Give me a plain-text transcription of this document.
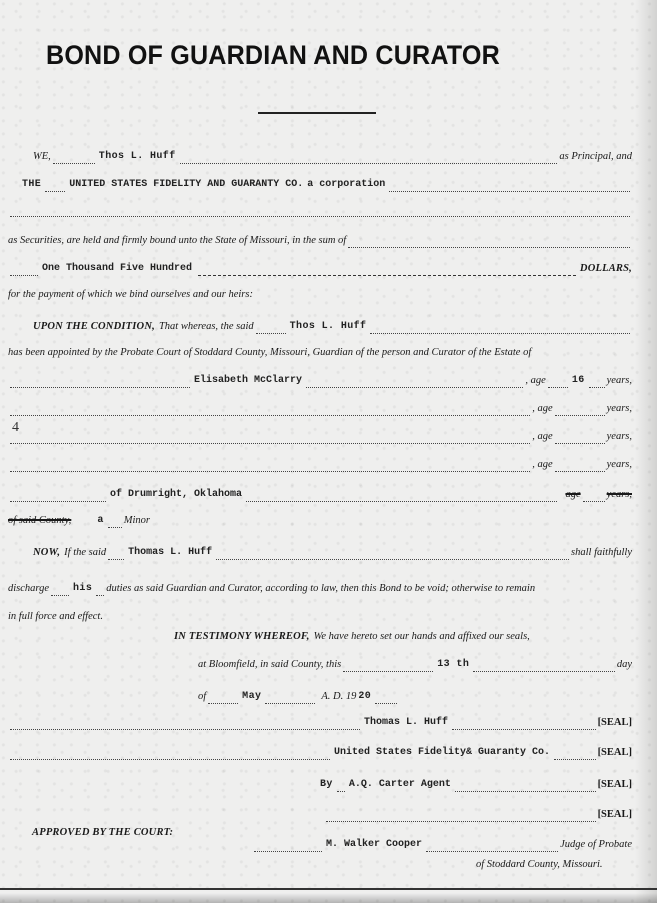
BOND OF GUARDIAN AND CURATOR
WE,	Thos L. Huff	as Principal, and
THE	UNITED STATES FIDELITY AND GUARANTY CO. a corporation
as Securities, are held and firmly bound unto the State of Missouri, in the sum of
One Thousand Five Hundred	DOLLARS,
for the payment of which we bind ourselves and our heirs:
UPON THE CONDITION, That whereas, the said	Thos L. Huff
has been appointed by the Probate Court of Stoddard County, Missouri, Guardian of the person and Curator of the Estate of
Elisabeth McClarry	, age	16 years,
, age	years,
, age	years,
4
, age	years,
of Drumright, Oklahoma	age years,
of said County,	a Minor
NOW, If the said Thomas L. Huff	shall faithfully
discharge his duties as said Guardian and Curator, according to law, then this Bond to be void; otherwise to remain
in full force and effect.
IN TESTIMONY WHEREOF, We have hereto set our hands and affixed our seals,
at Bloomfield, in said County, this	13 th	day
of	May	A. D. 19 20
Thomas L. Huff	[SEAL]
United States Fidelity& Guaranty Co.	[SEAL]
By A.Q. Carter Agent	[SEAL]
[SEAL]
APPROVED BY THE COURT:
M. Walker Cooper	Judge of Probate
of Stoddard County, Missouri.
